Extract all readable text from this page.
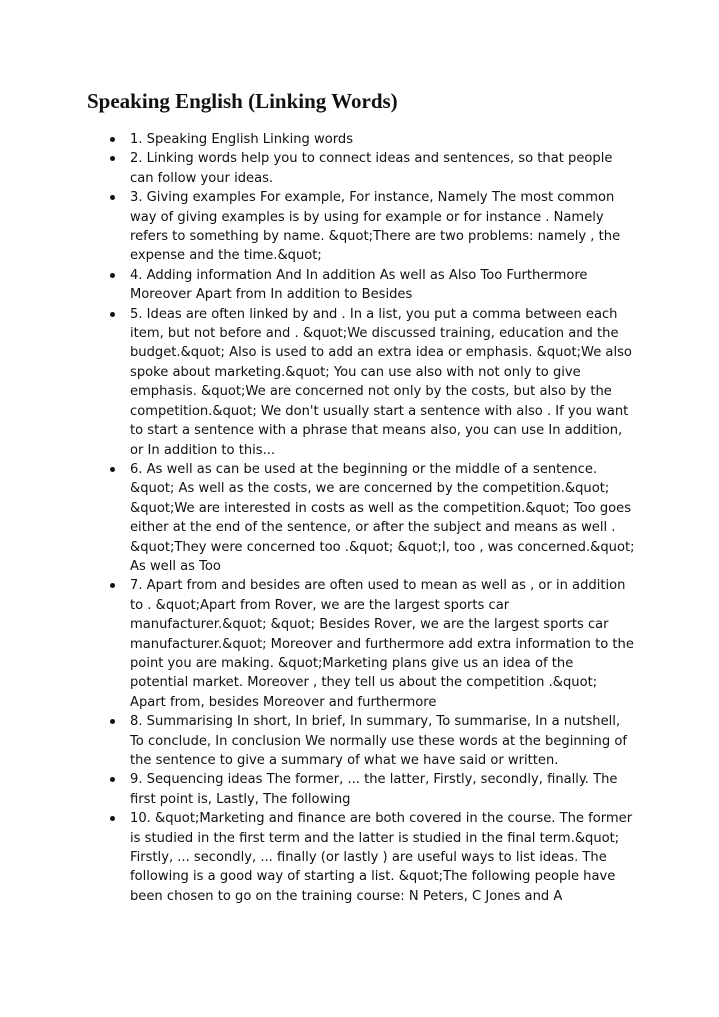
Speaking English (Linking Words)
1. Speaking English Linking words
2. Linking words help you to connect ideas and sentences, so that people can follow your ideas.
3. Giving examples For example, For instance, Namely The most common way of giving examples is by using for example or for instance . Namely refers to something by name. &quot;There are two problems: namely , the expense and the time.&quot;
4. Adding information And In addition As well as Also Too Furthermore Moreover Apart from In addition to Besides
5. Ideas are often linked by and . In a list, you put a comma between each item, but not before and . &quot;We discussed training, education and the budget.&quot; Also is used to add an extra idea or emphasis. &quot;We also spoke about marketing.&quot; You can use also with not only to give emphasis. &quot;We are concerned not only by the costs, but also by the competition.&quot; We don't usually start a sentence with also . If you want to start a sentence with a phrase that means also, you can use In addition, or In addition to this...
6. As well as can be used at the beginning or the middle of a sentence. &quot; As well as the costs, we are concerned by the competition.&quot; &quot;We are interested in costs as well as the competition.&quot; Too goes either at the end of the sentence, or after the subject and means as well . &quot;They were concerned too .&quot; &quot;I, too , was concerned.&quot; As well as Too
7. Apart from and besides are often used to mean as well as , or in addition to . &quot;Apart from Rover, we are the largest sports car manufacturer.&quot; &quot; Besides Rover, we are the largest sports car manufacturer.&quot; Moreover and furthermore add extra information to the point you are making. &quot;Marketing plans give us an idea of the potential market. Moreover , they tell us about the competition .&quot; Apart from, besides Moreover and furthermore
8. Summarising In short, In brief, In summary, To summarise, In a nutshell, To conclude, In conclusion We normally use these words at the beginning of the sentence to give a summary of what we have said or written.
9. Sequencing ideas The former, ... the latter, Firstly, secondly, finally. The first point is, Lastly, The following
10. &quot;Marketing and finance are both covered in the course. The former is studied in the first term and the latter is studied in the final term.&quot; Firstly, ... secondly, ... finally (or lastly ) are useful ways to list ideas. The following is a good way of starting a list. &quot;The following people have been chosen to go on the training course: N Peters, C Jones and A
